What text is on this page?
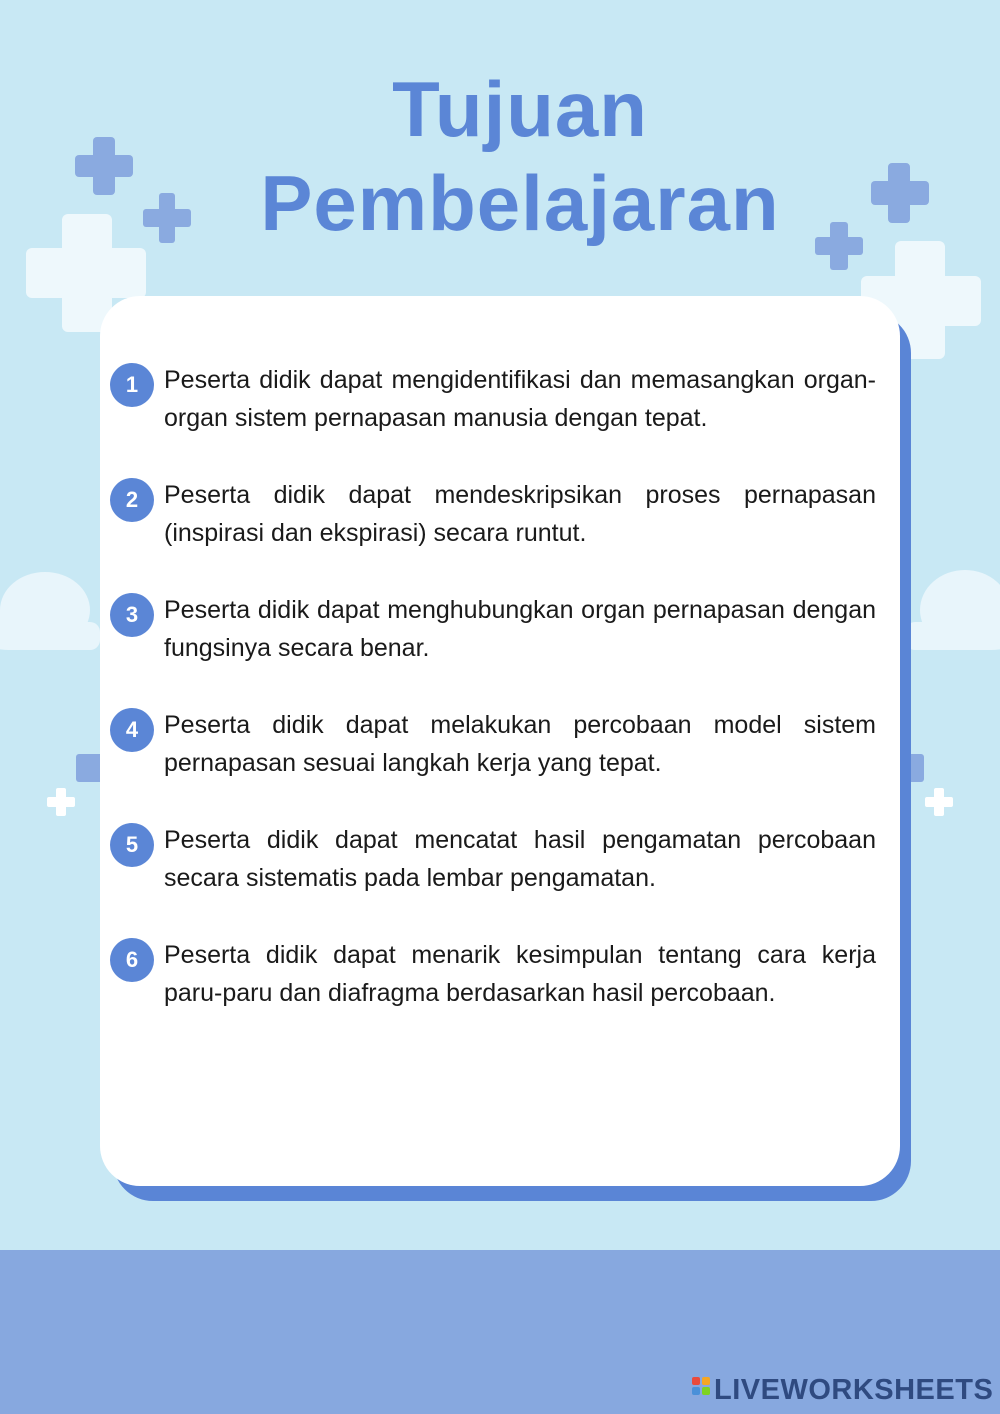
Tujuan
Pembelajaran
1	Peserta didik dapat mengidentifikasi dan memasangkan organ-organ sistem pernapasan manusia dengan tepat.
2	Peserta didik dapat mendeskripsikan proses pernapasan (inspirasi dan ekspirasi) secara runtut.
3	Peserta didik dapat menghubungkan organ pernapasan dengan fungsinya secara benar.
4	Peserta didik dapat melakukan percobaan model sistem pernapasan sesuai langkah kerja yang tepat.
5	Peserta didik dapat mencatat hasil pengamatan percobaan secara sistematis pada lembar pengamatan.
6	Peserta didik dapat menarik kesimpulan tentang cara kerja paru-paru dan diafragma berdasarkan hasil percobaan.
LIVEWORKSHEETS
